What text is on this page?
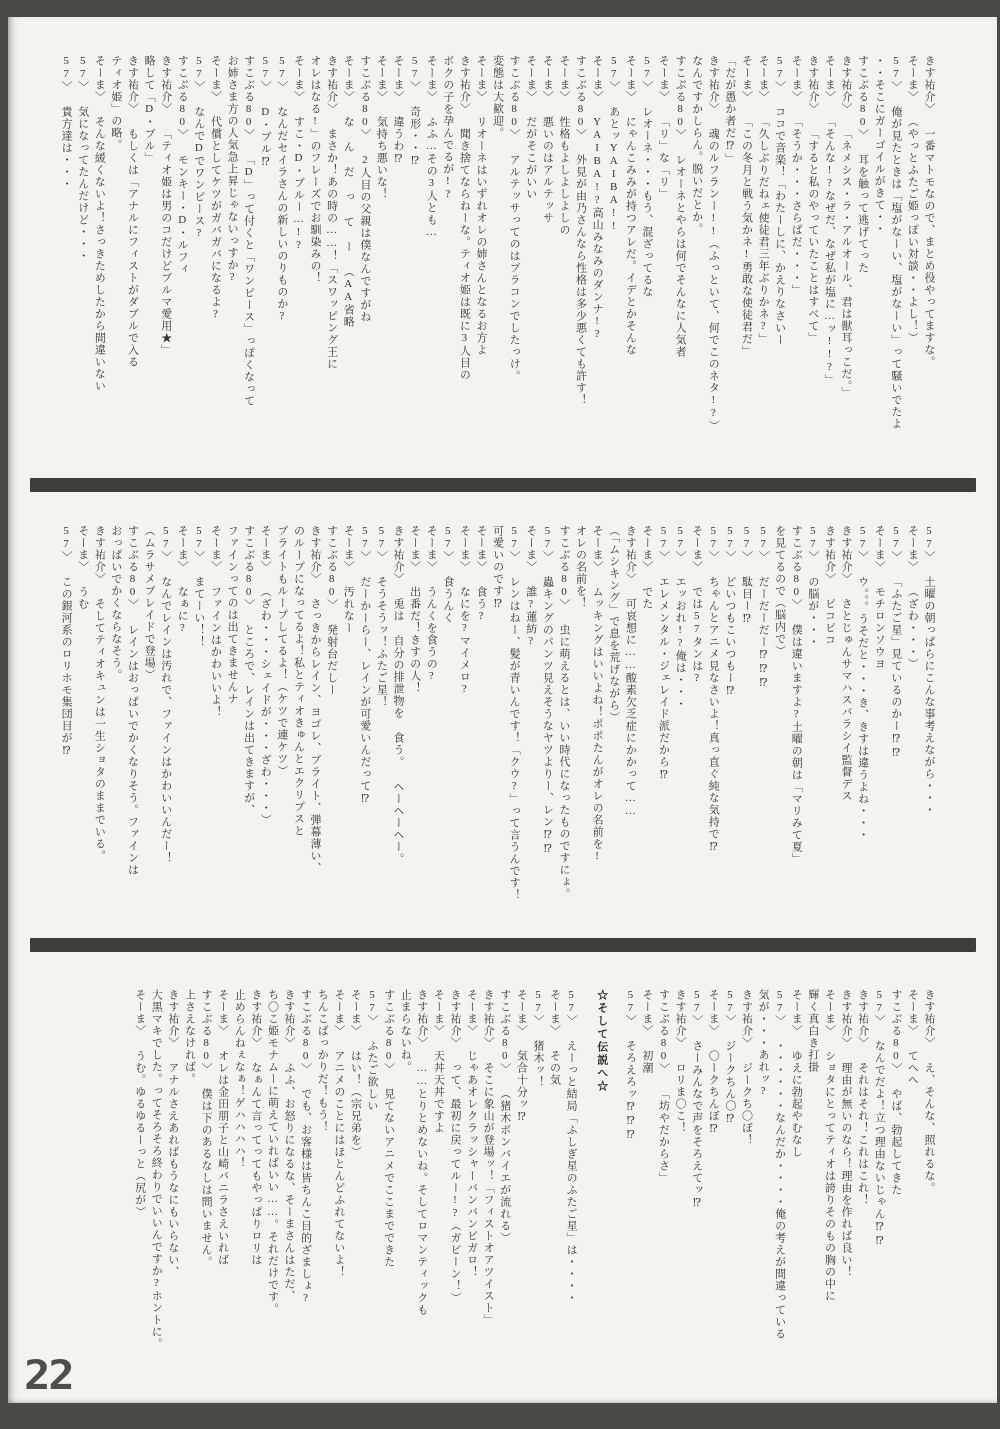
きす祐介〉 一番マトモなので、まとめ役やってますな。
そーま〉 （やっとふたご姫っぽい対談・・よし！）
57〉 俺が見たときは「塩がなーい、塩がなーい」って騒いでたよ
・・そこにガーゴイルがきて・・
すこぶる80〉 耳を触って逃げてった
きす祐介〉 「ネメシス・ラ・アルオール、君は獣耳っこだ。」
そーま〉 「そんな!?なぜだ、なぜ私が塩に…ッ!!?」
きす祐介〉 「すると私のやっていたことはすべて」
そーま〉 「そうか・・・さらばだ・・・」
57〉 ココで音楽！「わたーしに、かえりなさいー
そーま〉 「久しぶりだねェ使徒君三年ぶりかネ?」
そーま〉 「この冬月と戦う気かネ!勇敢な使徒君だ」
「だが愚か者だ⁉」
きす祐介〉 魂のルフランー!!（ふっといて、何でこのネタ!?）
なんですかしらん。脱いだとか。
すこぶる80〉 レオーネとやらは何でそんなに人気者
そーま〉 「リ」な「リ」
57〉 レオーネ・・・もう、混ざってるな
そーま〉 にゃんこみみが持つアレだ。イデとかそんな
57〉 あとッYAIBA!!
そーま〉 YAIBA!?高山みなみのダンナ!?
すこぶる80〉 外見が由乃さんなら性格は多少悪くても許す！
そーま〉 性格もよしよしよしの
そーま〉 悪いのはアルテッサ
そーま〉 だがそこがいい
すこぶる80〉 アルテッサってのはブラコンでしたっけ。
変態は大歓迎。
そーま〉 リオーネはいずれオレの姉さんとなるお方よ
きす祐介〉 聞き捨てならねーな。ティオ姫は既に3人目の
ボクの子を孕んでるが!?
そーま〉 ふふ…その3人とも…
57〉 奇形・・⁉
そーま〉 違うわ⁉
そーま〉 気持ち悪いな！
すこぶる80〉 2人目の父親は僕なんですがね
そーま〉 な ん だ っ て ー （AA省略
きす祐介〉 まさか！あの時の……！「スワッピング王に
オレはなる!」のフレーズでお馴染みの！
そーま〉 すこ・D・ブルー…!?
57〉 なんだセイラさんの新しいのりものか?
57〉 D・ブル⁉
すこぶる80〉 「D」って付くと「ワンピース」っぽくなって
お姉さま方の人気急上昇じゃないっすか?
そーま〉 代償としてケツがガバガバになるよ?
57〉 なんでDでワンピース?
すこぶる80〉 モンキー・D・ルフィ
きす祐介〉 「ティオ姫は男のコだけどブルマ愛用★」
略して「D・ブル」
きす祐介〉 もしくは「アナルにフィストがダブルで入る
ティオ姫」の略。
そーま〉 そんな緩くないよ！さっきためしたから間違いない
57〉 気になってたんだけど・・・
57〉 貴方達は・・・
57〉 土曜の朝っぱらにこんな事考えながら・・・
そーま〉 （ざわ・・・）
57〉 「ふたご星」見ているのかー⁉⁉
そーま〉 モチロンソウヨ
57〉 ウ。。。うそだと・・・き、きすは違うよね・・・
きす祐介〉 さとじゅんサマハスバラシイ監督デス
きす祐介〉 ピコピコ
57〉 の脳が・・・
すこぶる80〉 僕は違いますよ?土曜の朝は「マリみて夏」
を見てるので（脳内で）
57〉 だーだーだー⁉⁉⁉
57〉 駄目ー⁉
57〉 どいつもこいつもー⁉
57〉 ちゃんとアニメ見なさいよ！真っ直ぐ純な気持で⁉
そーま〉 では57タンは?
57〉 エッおれ!?俺は・・・
57〉 エレメンタル・ジェレイド派だから⁉
そーま〉 でた
きす祐介〉 可哀想に……酸素欠乏症にかかって……
（「ムシキング」で息を荒げながら）
そーま〉 ムッキングはいいよね！ポポたんがオレの名前を!
オレの名前を！
すこぶる80〉 虫に萌えるとは、いい時代になったものですにょ。
57〉 蟲キングのパンツ見えそうなヤツよりー、レン⁉⁉
そーま〉 誰?蓮紡?
57〉 レンはねー、髪が青いんです！「クウ?」って言うんです！
可愛いのです⁉
そーま〉 食う?
そーま〉 なにを?マイメロ?
57〉 食うんく
そーま〉 うんくを食うの?
そーま〉 出番だ！きすの人！
きす祐介〉 兎は 自分の排泄物を 食う。 ヘーヘーヘー。
57〉 そうそうッ！ふたご星！
57〉 だーかーらー、レインが可愛いんだって⁉
そーま〉 汚れなー
すこぶる80〉 発射台だしー
きす祐介〉 さっきからレイン、ヨゴレ、ブライト、弾幕薄い、
のループになってるよ！私とティオきゅんとエクリプスと
ブライトもループしてるよ！（ケツで連ケツ）
そーま〉 （ざわ・・・シェイドが・・・ざわ・・・）
すこぶる80〉 ところで、レインは出てきますが、
ファインってのは出てきませんナ
そーま〉 ファインはかわいいよ！
57〉 まてーい！！
そーま〉 なぁに?
57〉 なんでレインは汚れで、ファインはかわいいんだー！
（ムラサメブレイドで登場）
すこぶる80〉 レインはおっぱいでかくなりそう。ファインは
おっぱいでかくならなそう。
きす祐介〉 そしてティオキュンは一生ショタのままでいる。
そーま〉 うむ
57〉 この銀河系のロリホモ集団目が⁉
きす祐介〉 え、そんな、照れるな。
そーま〉 てへへ
すこぶる80〉 やば、勃起してきた
57〉 なんでだよ！立つ理由ないじゃん⁉⁉
きす祐介〉 それはそれ！これはこれ！
きす祐介〉 理由が無いのなら！理由を作れば良い！
そーま〉 ショタにとってティオは誇りそのもの胸の中に
輝く真白き打掛
そーま〉 ゆえに勃起やむなし
57〉 ・・・・・・なんだか・・・・俺の考えが間違っている
気が・・・あれッ?
きす祐介〉 ジークち〇ぼ！
57〉 ジークちん〇⁉
そーま〉 〇ークちんぼ⁉
57〉 さーみんなで声をそろえてッ⁉
きす祐介〉 ロリま〇こ！
すこぶる80〉 「坊やだからさ」
そーま〉 初潮
57〉 そろえろッ⁉⁉⁉
☆そして伝説へ☆
57〉 えーっと結局「ふしぎ星のふたご星」は・・・・
そーま〉 その気
57〉 猪木ッ！
そーま〉 気合十分ッ⁉
すこぶる80〉 （猪木ボンバイエが流れる）
きす祐介〉 そこに象山が登場ッ！「フィストオアツイスト」
そーま〉 じゃあオレクラッシャーバンバンビガロ！
きす祐介〉 って、最初に戻ってルー!?（ガビーン！）
そーま〉 天丼天丼ですよ
きす祐介〉 ……とりとめないね。そしてロマンティックも
止まらないね。
すこぶる80〉 見てないアニメでここまでできた
57〉 ふたご欲しい
そーま〉 はい！（宗兄弟を）
そーま〉 アニメのことにはほとんどふれてないよ！
ちんこばっかりだ！もう！
すこぶる80〉 でも、お客様は皆ちんこ目的ざましょ?
きす祐介〉 ふふ、お怒りになるな、そーまさんはただ、
ち〇こ姫モナムーに萌えていればいい……。それだけです。
きす祐介〉 なぁんて言ってってもやっぱりロリは
止めらんねぇなぁ！ゲハハハハ！
そーま〉 オレは金田朋子と山崎バニラさえいれば
すこぶる80〉 僕は下のあるなしは問いません。
上さえなければ。
きす祐介〉 アナルさえあればもうなにもいらない、
大黒マキでした。ってそろそろ終わりでいいんですか?ホントに。
そーま〉 うむ。ゆるゆるーっと（尻が）
22
